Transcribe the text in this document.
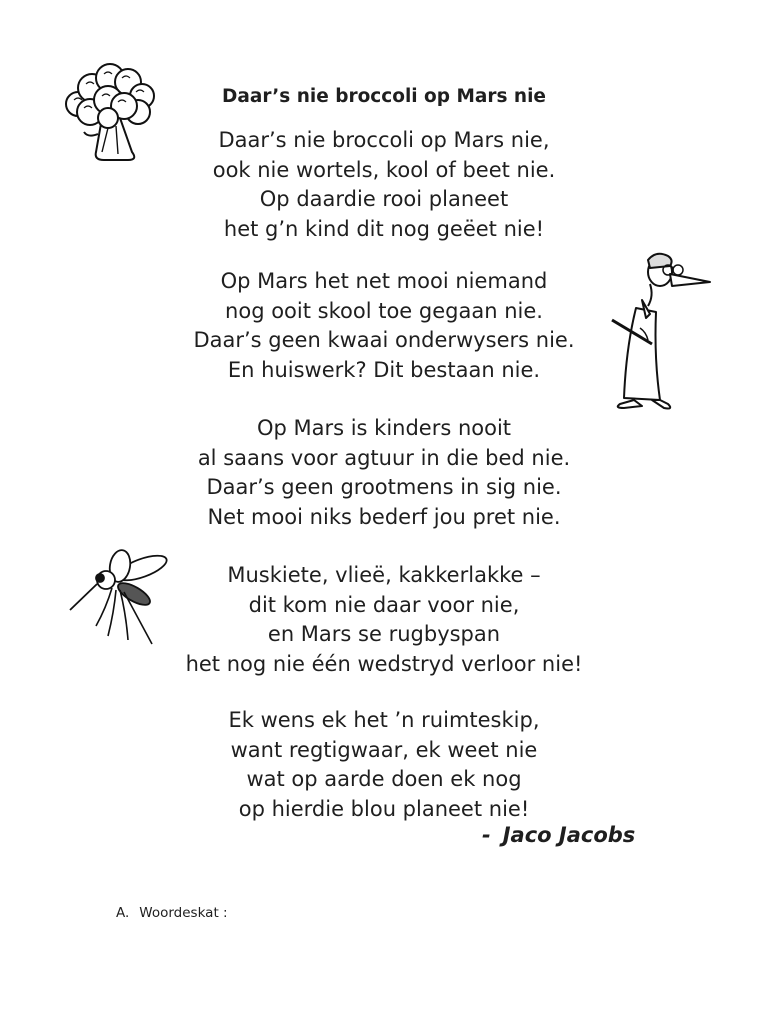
Daar’s nie broccoli op Mars nie
Daar’s nie broccoli op Mars nie,
ook nie wortels, kool of beet nie.
Op daardie rooi planeet
het g’n kind dit nog geëet nie!
Op Mars het net mooi niemand
nog ooit skool toe gegaan nie.
Daar’s geen kwaai onderwysers nie.
En huiswerk? Dit bestaan nie.
Op Mars is kinders nooit
al saans voor agtuur in die bed nie.
Daar’s geen grootmens in sig nie.
Net mooi niks bederf jou pret nie.
Muskiete, vlieë, kakkerlakke –
dit kom nie daar voor nie,
en Mars se rugbyspan
het nog nie één wedstryd verloor nie!
Ek wens ek het ’n ruimteskip,
want regtigwaar, ek weet nie
wat op aarde doen ek nog
op hierdie blou planeet nie!
- Jaco Jacobs
A. Woordeskat :
